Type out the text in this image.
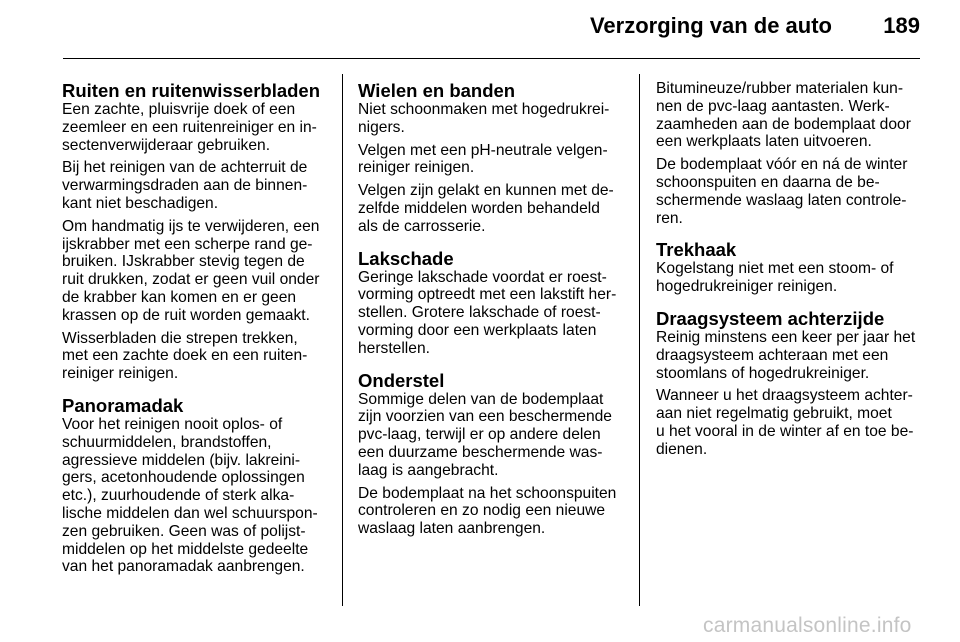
Verzorging van de auto 189
Ruiten en ruitenwisserbladen

Een zachte, pluisvrije doek of een
zeemleer en een ruitenreiniger en in-
sectenverwijderaar gebruiken.

Bij het reinigen van de achterruit de
verwarmingsdraden aan de binnen-
kant niet beschadigen.

Om handmatig ijs te verwijderen, een
ijskrabber met een scherpe rand ge-
bruiken. IJskrabber stevig tegen de
ruit drukken, zodat er geen vuil onder
de krabber kan komen en er geen
krassen op de ruit worden gemaakt.

Wisserbladen die strepen trekken,
met een zachte doek en een ruiten-
reiniger reinigen.

Panoramadak

Voor het reinigen nooit oplos- of
schuurmiddelen, brandstoffen,
agressieve middelen (bijv. lakreini-
gers, acetonhoudende oplossingen
etc.), zuurhoudende of sterk alka-
lische middelen dan wel schuurspon-
zen gebruiken. Geen was of polijst-
middelen op het middelste gedeelte
van het panoramadak aanbrengen.

Wielen en banden

Niet schoonmaken met hogedrukrei-
nigers.

Velgen met een pH-neutrale velgen-
reiniger reinigen.

Velgen zijn gelakt en kunnen met de-
zelfde middelen worden behandeld
als de carrosserie.

Lakschade

Geringe lakschade voordat er roest-
vorming optreedt met een lakstift her-
stellen. Grotere lakschade of roest-
vorming door een werkplaats laten
herstellen.

Onderstel

Sommige delen van de bodemplaat
zijn voorzien van een beschermende
pvc-laag, terwijl er op andere delen
een duurzame beschermende was-
laag is aangebracht.

De bodemplaat na het schoonspuiten
controleren en zo nodig een nieuwe
waslaag laten aanbrengen.

Bitumineuze/rubber materialen kun-
nen de pvc-laag aantasten. Werk-
zaamheden aan de bodemplaat door
een werkplaats laten uitvoeren.

De bodemplaat vóór en ná de winter
schoonspuiten en daarna de be-
schermende waslaag laten controle-
ren.

Trekhaak

Kogelstang niet met een stoom- of
hogedrukreiniger reinigen.

Draagsysteem achterzijde

Reinig minstens een keer per jaar het
draagsysteem achteraan met een
stoomlans of hogedrukreiniger.

Wanneer u het draagsysteem achter-
aan niet regelmatig gebruikt, moet
u het vooral in de winter af en toe be-
dienen.

carmanualsonline.info
